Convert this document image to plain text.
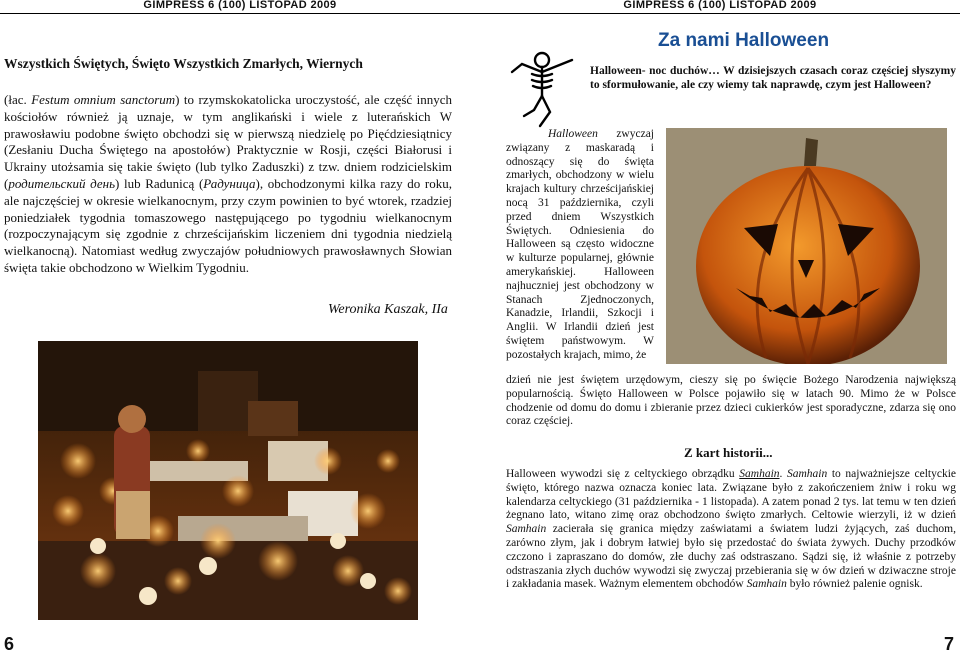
GIMPRESS 6 (100) LISTOPAD 2009	GIMPRESS 6 (100) LISTOPAD 2009

Wszystkich Świętych, Święto Wszystkich Zmarłych, Wiernych

(łac. Festum omnium sanctorum) to rzymskokatolicka uroczystość, ale część innych kościołów również ją uznaje, w tym anglikański i wiele z luterańskich W prawosławiu podobne święto obchodzi się w pierwszą niedzielę po Pięćdziesiątnicy (Zesłaniu Ducha Świętego na apostołów) Praktycznie w Rosji, części Białorusi i Ukrainy utożsamia się takie święto (lub tylko Zaduszki) z tzw. dniem rodzicielskim (родительский день) lub Radunicą (Радуница), obchodzonymi kilka razy do roku, ale najczęściej w okresie wielkanocnym, przy czym powinien to być wtorek, rzadziej poniedziałek tygodnia tomaszowego następującego po tygodniu wielkanocnym (rozpoczynającym się zgodnie z chrześcijańskim liczeniem dni tygodnia niedzielą wielkanocną). Natomiast według zwyczajów południowych prawosławnych Słowian święta takie obchodzono w Wielkim Tygodniu.

Weronika Kaszak, IIa

Za nami Halloween

Halloween- noc duchów… W dzisiejszych czasach coraz częściej słyszymy to sformułowanie, ale czy wiemy tak naprawdę, czym jest Halloween?

Halloween zwyczaj związany z maskaradą i odnoszący się do święta zmarłych, obchodzony w wielu krajach kultury chrześcijańskiej nocą 31 października, czyli przed dniem Wszystkich Świętych. Odniesienia do Halloween są często widoczne w kulturze popularnej, głównie amerykańskiej. Halloween najhuczniej jest obchodzony w Stanach Zjednoczonych, Kanadzie, Irlandii, Szkocji i Anglii. W Irlandii dzień jest świętem państwowym. W pozostałych krajach, mimo, że

dzień nie jest świętem urzędowym, cieszy się po święcie Bożego Narodzenia największą popularnością. Święto Halloween w Polsce pojawiło się w latach 90. Mimo że w Polsce chodzenie od domu do domu i zbieranie przez dzieci cukierków jest sporadyczne, zdarza się ono coraz częściej.

Z kart historii...

Halloween wywodzi się z celtyckiego obrządku Samhain. Samhain to najważniejsze celtyckie święto, którego nazwa oznacza koniec lata. Związane było z zakończeniem żniw i roku wg kalendarza celtyckiego (31 października - 1 listopada). A zatem ponad 2 tys. lat temu w ten dzień żegnano lato, witano zimę oraz obchodzono święto zmarłych. Celtowie wierzyli, iż w dzień Samhain zacierała się granica między zaświatami a światem ludzi żyjących, zaś duchom, zarówno złym, jak i dobrym łatwiej było się przedostać do świata żywych. Duchy przodków czczono i zapraszano do domów, złe duchy zaś odstraszano. Sądzi się, iż właśnie z potrzeby odstraszania złych duchów wywodzi się zwyczaj przebierania się w ów dzień w dziwaczne stroje i zakładania masek. Ważnym elementem obchodów Samhain było również palenie ognisk.

6	7
